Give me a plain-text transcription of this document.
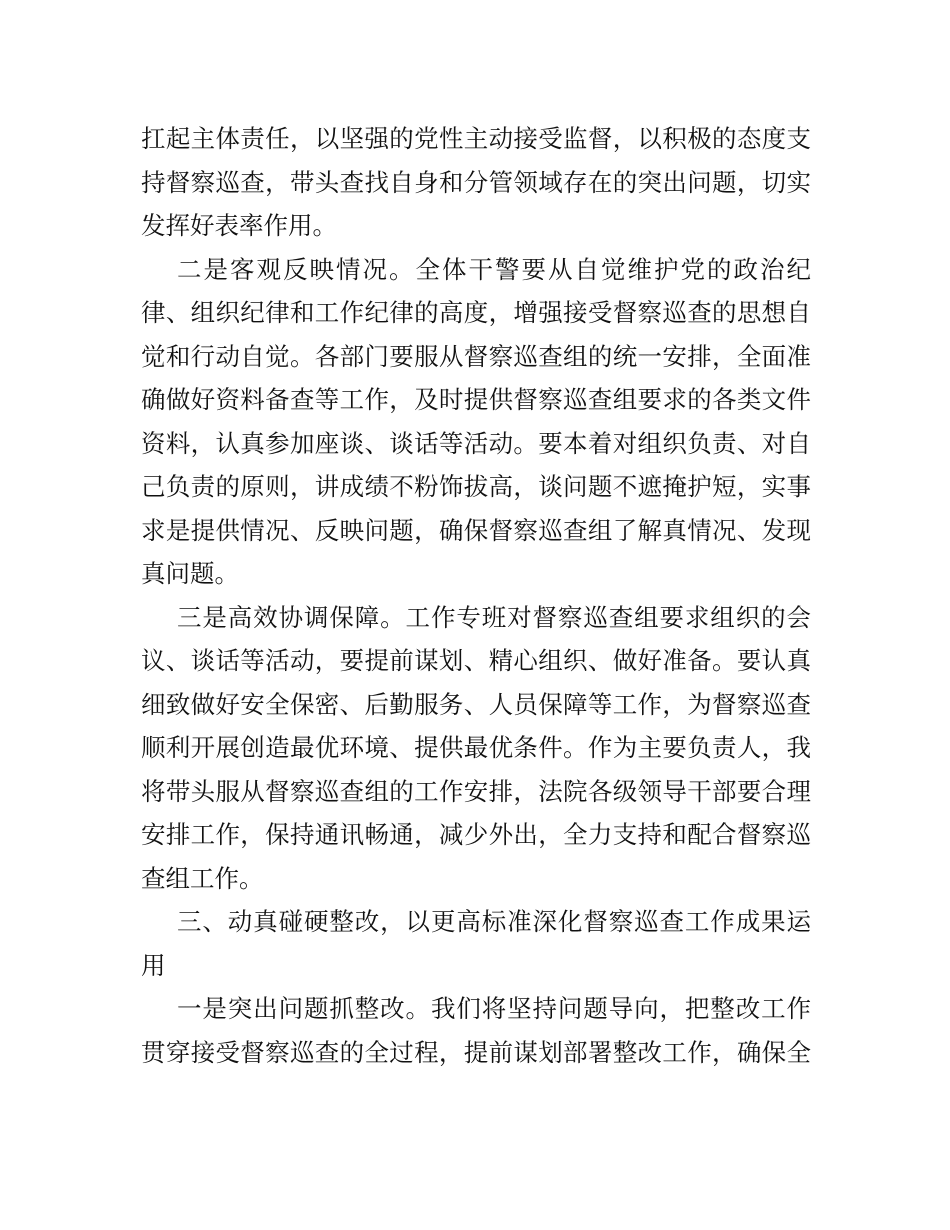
扛起主体责任，以坚强的党性主动接受监督，以积极的态度支
持督察巡查，带头查找自身和分管领域存在的突出问题，切实
发挥好表率作用。
二是客观反映情况。全体干警要从自觉维护党的政治纪
律、组织纪律和工作纪律的高度，增强接受督察巡查的思想自
觉和行动自觉。各部门要服从督察巡查组的统一安排，全面准
确做好资料备查等工作，及时提供督察巡查组要求的各类文件
资料，认真参加座谈、谈话等活动。要本着对组织负责、对自
己负责的原则，讲成绩不粉饰拔高，谈问题不遮掩护短，实事
求是提供情况、反映问题，确保督察巡查组了解真情况、发现
真问题。
三是高效协调保障。工作专班对督察巡查组要求组织的会
议、谈话等活动，要提前谋划、精心组织、做好准备。要认真
细致做好安全保密、后勤服务、人员保障等工作，为督察巡查
顺利开展创造最优环境、提供最优条件。作为主要负责人，我
将带头服从督察巡查组的工作安排，法院各级领导干部要合理
安排工作，保持通讯畅通，减少外出，全力支持和配合督察巡
查组工作。
三、动真碰硬整改，以更高标准深化督察巡查工作成果运
用
一是突出问题抓整改。我们将坚持问题导向，把整改工作
贯穿接受督察巡查的全过程，提前谋划部署整改工作，确保全
